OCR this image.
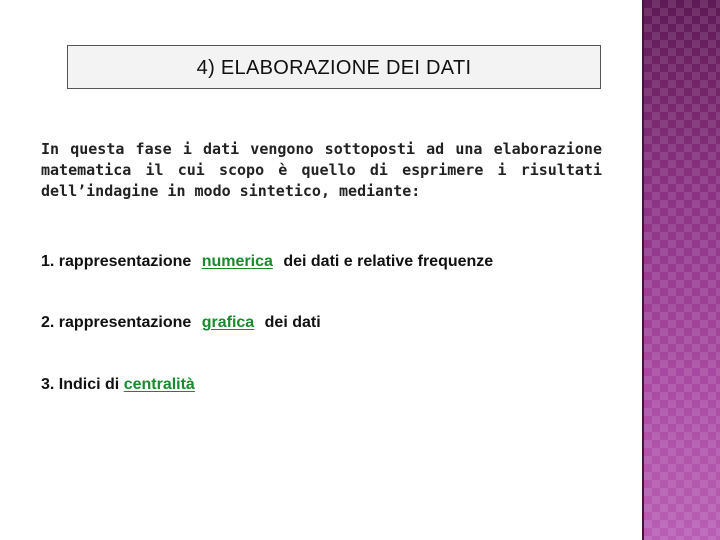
4) ELABORAZIONE DEI DATI

In questa fase i dati vengono sottoposti ad una elaborazione matematica il cui scopo è quello di esprimere i risultati dell’indagine in modo sintetico, mediante:

1. rappresentazione numerica dei dati e relative frequenze
2. rappresentazione grafica dei dati
3. Indici di centralità
